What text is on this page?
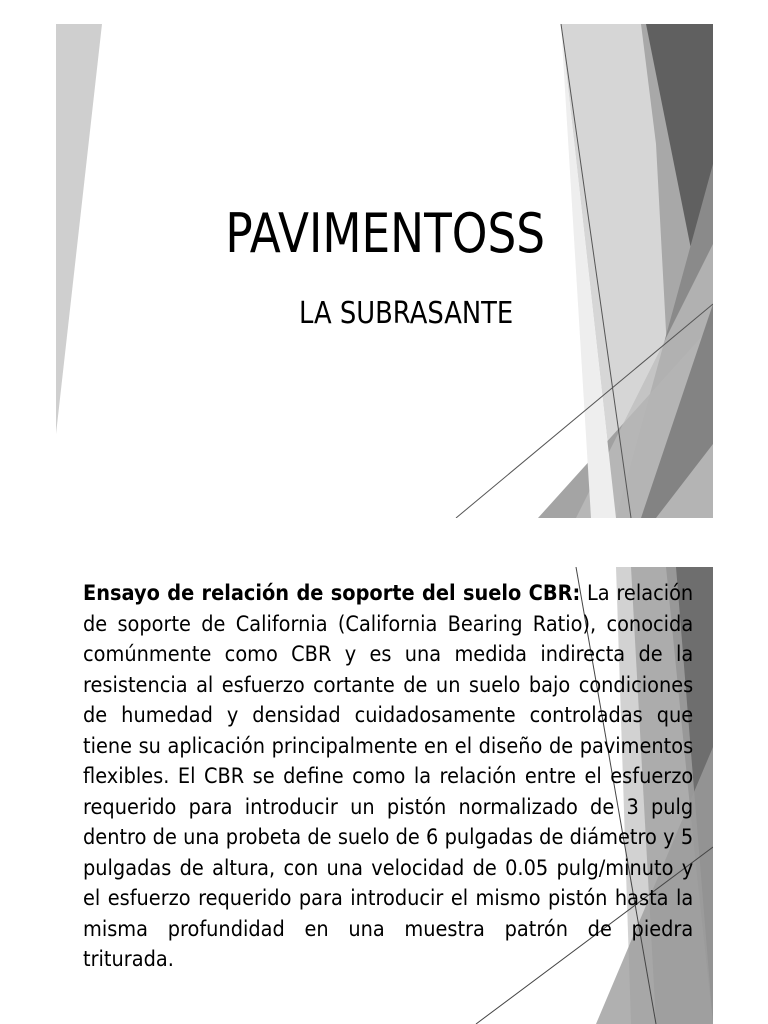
PAVIMENTOSS
LA SUBRASANTE

Ensayo de relación de soporte del suelo CBR: La relación de soporte de California (California Bearing Ratio), conocida comúnmente como CBR y es una medida indirecta de la resistencia al esfuerzo cortante de un suelo bajo condiciones de humedad y densidad cuidadosamente controladas que tiene su aplicación principalmente en el diseño de pavimentos flexibles. El CBR se define como la relación entre el esfuerzo requerido para introducir un pistón normalizado de 3 pulg dentro de una probeta de suelo de 6 pulgadas de diámetro y 5 pulgadas de altura, con una velocidad de 0.05 pulg/minuto y el esfuerzo requerido para introducir el mismo pistón hasta la misma profundidad en una muestra patrón de piedra triturada.
